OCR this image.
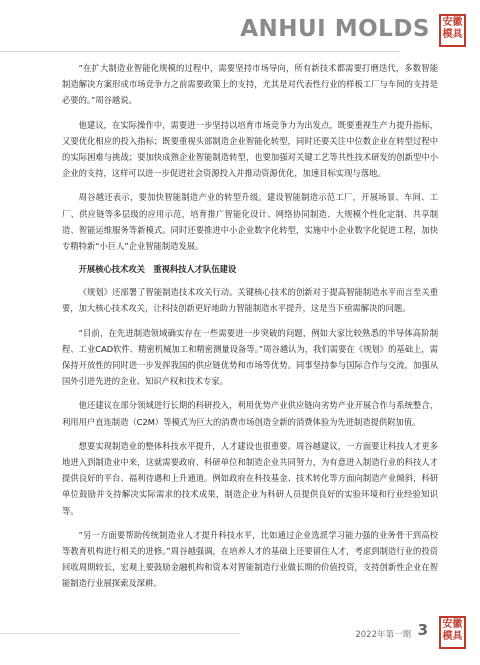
ANHUI MOLDS 安徽
模具

“在扩大制造业智能化规模的过程中，需要坚持市场导向，所有新技术都需要打磨迭代，多数智能制造解决方案形成市场竞争力之前需要政策上的支持，尤其是对代表性行业的样板工厂与车间的支持是必要的。”周谷越说。

他建议，在实际操作中，需要进一步坚持以培育市场竞争力为出发点，既要重视生产力提升指标，又要优化相应的投入指标；既要重视头部制造企业智能化转型，同时还要关注中位数企业在转型过程中的实际困难与挑战；要加快成熟企业智能制造转型，也要加强对关键工艺等共性技术研发的创新型中小企业的支持，这样可以进一步促进社会资源投入并推动资源优化，加速目标实现与落地。

周谷越还表示，要加快智能制造产业的转型升级。建设智能制造示范工厂，开展场景、车间、工厂、供应链等多层级的应用示范，培育推广智能化设计、网络协同制造、大规模个性化定制、共享制造、智能运维服务等新模式。同时还要推进中小企业数字化转型，实施中小企业数字化促进工程，加快专精特新“小巨人”企业智能制造发展。

开展核心技术攻关　重视科技人才队伍建设

《规划》还部署了智能制造技术攻关行动。关键核心技术的创新对于提高智能制造水平而言至关重要，加大核心技术攻关，让科技创新更好地助力智能制造水平提升，这是当下亟需解决的问题。

“目前，在先进制造领域确实存在一些需要进一步突破的问题，例如大家比较熟悉的半导体高阶制程、工业CAD软件、精密机械加工和精密测量设备等。”周谷越认为，我们需要在《规划》的基础上，需保持开放性的同时进一步发挥我国的供应链优势和市场等优势。同事坚持参与国际合作与交流，加强从国外引进先进的企业、知识产权和技术专家。

他还建议在部分领域进行长期的科研投入，利用优势产业供应链向劣势产业开展合作与系统整合，利用用户直连制造（C2M）等模式为巨大的消费市场创造全新的消费体验为先进制造提供附加值。

想要实现制造业的整体科技水平提升，人才建设也很重要。周谷越建议，一方面要让科技人才更多地进入到制造业中来，这就需要政府、科研单位和制造企业共同努力，为有意进入制造行业的科技人才提供良好的平台、福利待遇和上升通道。例如政府在科技基金、技术转化等方面向制造产业倾斜，科研单位鼓励并支持解决实际需求的技术成果，制造企业为科研人员提供良好的实验环境和行业经验知识等。

“另一方面要帮助传统制造业人才提升科技水平，比如通过企业选派学习能力强的业务骨干到高校等教育机构进行相关的进修。”周谷越强调，在培养人才的基础上还要留住人才，考虑到制造行业的投资回收周期较长，宏观上要鼓励金融机构和资本对智能制造行业做长期的价值投资，支持创新性企业在智能制造行业展探索及深耕。

2022年第一期 3 安徽
模具
